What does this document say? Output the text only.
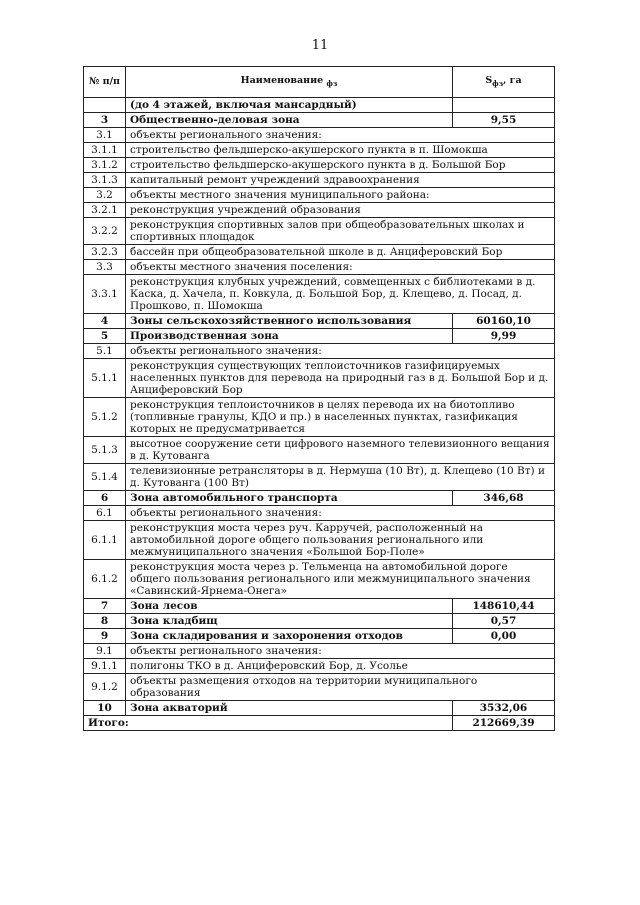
11
№ п/п	Наименование $_{фз}$	$S_{фз}$, га
	(до 4 этажей, включая мансардный)	
3	Общественно-деловая зона	9,55
3.1	объекты регионального значения:	
3.1.1	строительство фельдшерско-акушерского пункта в п. Шомокша	
3.1.2	строительство фельдшерско-акушерского пункта в д. Большой Бор	
3.1.3	капитальный ремонт учреждений здравоохранения	
3.2	объекты местного значения муниципального района:	
3.2.1	реконструкция учреждений образования	
3.2.2	реконструкция спортивных залов при общеобразовательных школах и спортивных площадок	
3.2.3	бассейн при общеобразовательной школе в д. Анциферовский Бор	
3.3	объекты местного значения поселения:	
3.3.1	реконструкция клубных учреждений, совмещенных с библиотеками в д. Каска, д. Хачела, п. Ковкула, д. Большой Бор, д. Клещево, д. Посад, д. Прошково, п. Шомокша	
4	Зоны сельскохозяйственного использования	60160,10
5	Производственная зона	9,99
5.1	объекты регионального значения:	
5.1.1	реконструкция существующих теплоисточников газифицируемых населенных пунктов для перевода на природный газ в д. Большой Бор и д. Анциферовский Бор	
5.1.2	реконструкция теплоисточников в целях перевода их на биотопливо (топливные гранулы, КДО и пр.) в населенных пунктах, газификация которых не предусматривается	
5.1.3	высотное сооружение сети цифрового наземного телевизионного вещания в д. Кутованга	
5.1.4	телевизионные ретрансляторы в д. Нермуша (10 Вт), д. Клещево (10 Вт) и д. Кутованга (100 Вт)	
6	Зона автомобильного транспорта	346,68
6.1	объекты регионального значения:	
6.1.1	реконструкция моста через руч. Карручей, расположенный на автомобильной дороге общего пользования регионального или межмуниципального значения «Большой Бор-Поле»	
6.1.2	реконструкция моста через р. Тельменца на автомобильной дороге общего пользования регионального или межмуниципального значения «Савинский-Ярнема-Онега»	
7	Зона лесов	148610,44
8	Зона кладбищ	0,57
9	Зона складирования и захоронения отходов	0,00
9.1	объекты регионального значения:	
9.1.1	полигоны ТКО в д. Анциферовский Бор, д. Усолье	
9.1.2	объекты размещения отходов на территории муниципального образования	
10	Зона акваторий	3532,06
Итого:		212669,39
